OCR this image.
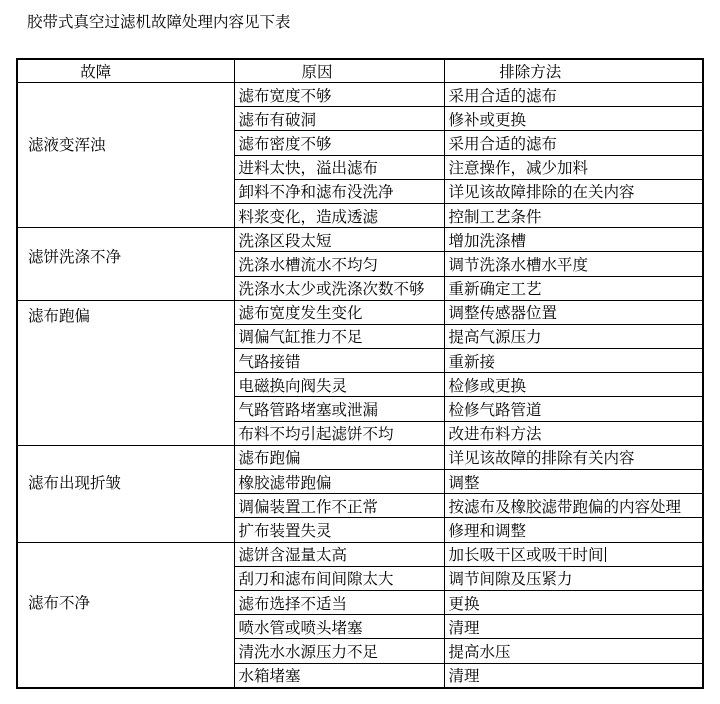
胶带式真空过滤机故障处理内容见下表
故障	原因	排除方法
滤液变浑浊	滤布宽度不够	采用合适的滤布
	滤布有破洞	修补或更换
	滤布密度不够	采用合适的滤布
	进料太快，溢出滤布	注意操作，减少加料
	卸料不净和滤布没洗净	详见该故障排除的在关内容
	料浆变化，造成透滤	控制工艺条件
滤饼洗涤不净	洗涤区段太短	增加洗涤槽
	洗涤水槽流水不均匀	调节洗涤水槽水平度
	洗涤水太少或洗涤次数不够	重新确定工艺
滤布跑偏	滤布宽度发生变化	调整传感器位置
	调偏气缸推力不足	提高气源压力
	气路接错	重新接
	电磁换向阀失灵	检修或更换
	气路管路堵塞或泄漏	检修气路管道
	布料不均引起滤饼不均	改进布料方法
滤布出现折皱	滤布跑偏	详见该故障的排除有关内容
	橡胶滤带跑偏	调整
	调偏装置工作不正常	按滤布及橡胶滤带跑偏的内容处理
	扩布装置失灵	修理和调整
滤布不净	滤饼含湿量太高	加长吸干区或吸干时间
	刮刀和滤布间间隙太大	调节间隙及压紧力
	滤布选择不适当	更换
	喷水管或喷头堵塞	清理
	清洗水水源压力不足	提高水压
	水箱堵塞	清理
